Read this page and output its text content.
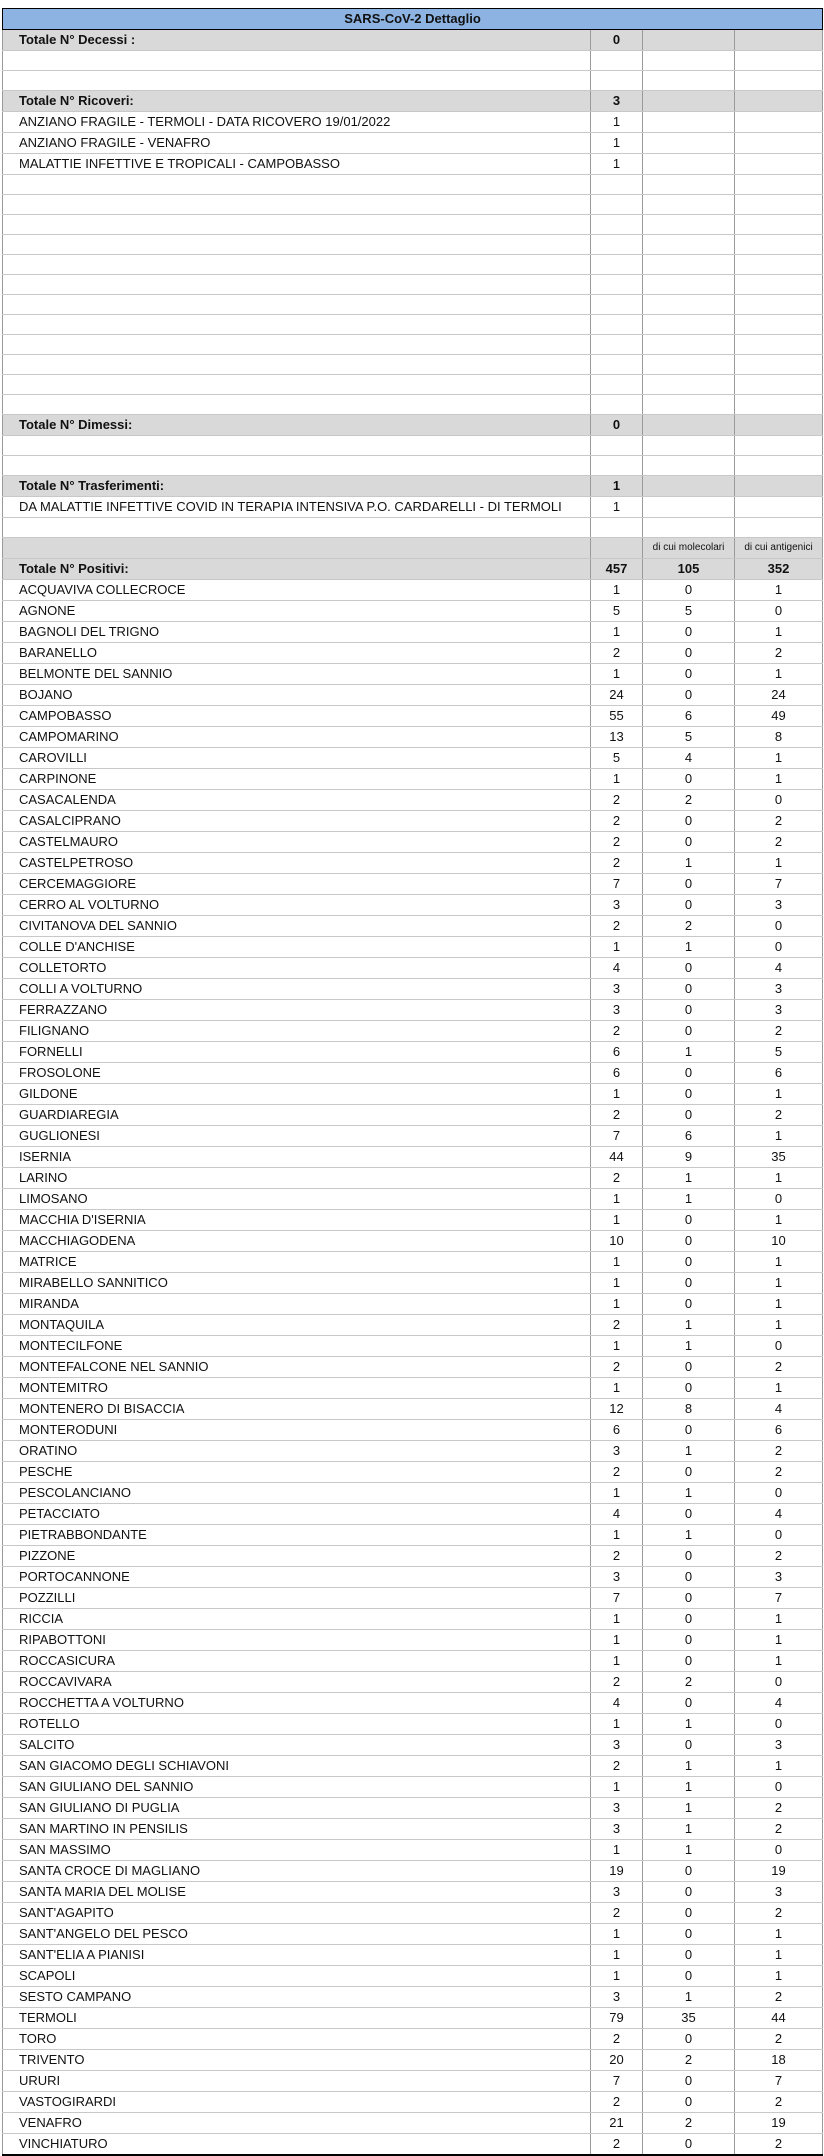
SARS-CoV-2 Dettaglio			
Totale N° Decessi :	0		

Totale N° Ricoveri:	3		
ANZIANO FRAGILE - TERMOLI - DATA RICOVERO 19/01/2022	1		
ANZIANO FRAGILE - VENAFRO	1		
MALATTIE INFETTIVE E TROPICALI - CAMPOBASSO	1		

Totale N° Dimessi:	0		

Totale N° Trasferimenti:	1		
DA MALATTIE INFETTIVE COVID IN TERAPIA INTENSIVA P.O. CARDARELLI - DI TERMOLI	1		

		di cui molecolari	di cui antigenici
Totale N° Positivi:	457	105	352
ACQUAVIVA COLLECROCE	1	0	1
AGNONE	5	5	0
BAGNOLI DEL TRIGNO	1	0	1
BARANELLO	2	0	2
BELMONTE DEL SANNIO	1	0	1
BOJANO	24	0	24
CAMPOBASSO	55	6	49
CAMPOMARINO	13	5	8
CAROVILLI	5	4	1
CARPINONE	1	0	1
CASACALENDA	2	2	0
CASALCIPRANO	2	0	2
CASTELMAURO	2	0	2
CASTELPETROSO	2	1	1
CERCEMAGGIORE	7	0	7
CERRO AL VOLTURNO	3	0	3
CIVITANOVA DEL SANNIO	2	2	0
COLLE D'ANCHISE	1	1	0
COLLETORTO	4	0	4
COLLI A VOLTURNO	3	0	3
FERRAZZANO	3	0	3
FILIGNANO	2	0	2
FORNELLI	6	1	5
FROSOLONE	6	0	6
GILDONE	1	0	1
GUARDIAREGIA	2	0	2
GUGLIONESI	7	6	1
ISERNIA	44	9	35
LARINO	2	1	1
LIMOSANO	1	1	0
MACCHIA D'ISERNIA	1	0	1
MACCHIAGODENA	10	0	10
MATRICE	1	0	1
MIRABELLO SANNITICO	1	0	1
MIRANDA	1	0	1
MONTAQUILA	2	1	1
MONTECILFONE	1	1	0
MONTEFALCONE NEL SANNIO	2	0	2
MONTEMITRO	1	0	1
MONTENERO DI BISACCIA	12	8	4
MONTERODUNI	6	0	6
ORATINO	3	1	2
PESCHE	2	0	2
PESCOLANCIANO	1	1	0
PETACCIATO	4	0	4
PIETRABBONDANTE	1	1	0
PIZZONE	2	0	2
PORTOCANNONE	3	0	3
POZZILLI	7	0	7
RICCIA	1	0	1
RIPABOTTONI	1	0	1
ROCCASICURA	1	0	1
ROCCAVIVARA	2	2	0
ROCCHETTA A VOLTURNO	4	0	4
ROTELLO	1	1	0
SALCITO	3	0	3
SAN GIACOMO DEGLI SCHIAVONI	2	1	1
SAN GIULIANO DEL SANNIO	1	1	0
SAN GIULIANO DI PUGLIA	3	1	2
SAN MARTINO IN PENSILIS	3	1	2
SAN MASSIMO	1	1	0
SANTA CROCE DI MAGLIANO	19	0	19
SANTA MARIA DEL MOLISE	3	0	3
SANT'AGAPITO	2	0	2
SANT'ANGELO DEL PESCO	1	0	1
SANT'ELIA A PIANISI	1	0	1
SCAPOLI	1	0	1
SESTO CAMPANO	3	1	2
TERMOLI	79	35	44
TORO	2	0	2
TRIVENTO	20	2	18
URURI	7	0	7
VASTOGIRARDI	2	0	2
VENAFRO	21	2	19
VINCHIATURO	2	0	2
